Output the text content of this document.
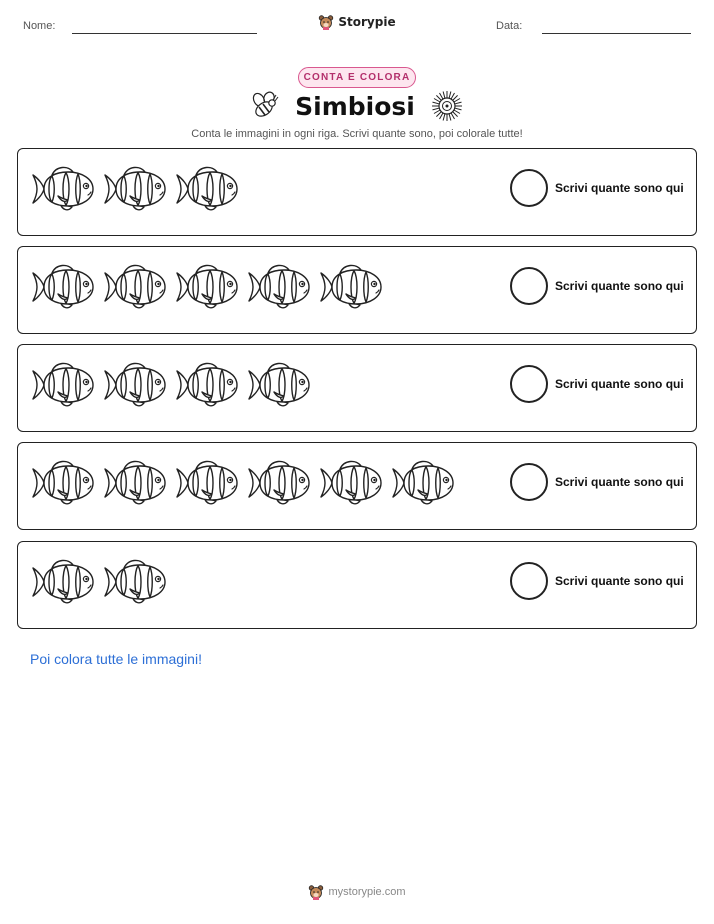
Nome:	Storypie	Data:
CONTA E COLORA
Simbiosi
Conta le immagini in ogni riga. Scrivi quante sono, poi colorale tutte!
Scrivi quante sono qui
Scrivi quante sono qui
Scrivi quante sono qui
Scrivi quante sono qui
Scrivi quante sono qui
Poi colora tutte le immagini!
mystorypie.com
